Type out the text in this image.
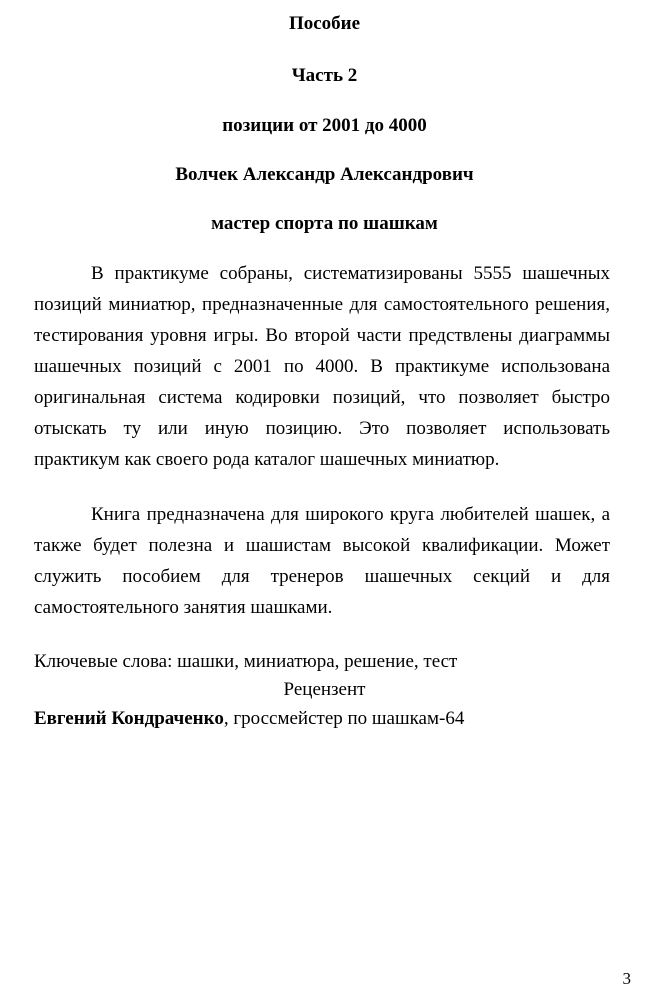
Пособие
Часть 2
позиции от 2001 до 4000
Волчек Александр Александрович
мастер спорта по шашкам

В практикуме собраны, систематизированы 5555 шашечных позиций миниатюр, предназначенные для самостоятельного решения, тестирования уровня игры. Во второй части предствлены диаграммы шашечных позиций с 2001 по 4000. В практикуме использована оригинальная система кодировки позиций, что позволяет быстро отыскать ту или иную позицию. Это позволяет использовать практикум как своего рода каталог шашечных миниатюр.

Книга предназначена для широкого круга любителей шашек, а также будет полезна и шашистам высокой квалификации. Может служить пособием для тренеров шашечных секций и для самостоятельного занятия шашками.

Ключевые слова: шашки, миниатюра, решение, тест

Рецензент

Евгений Кондраченко, гроссмейстер по шашкам-64

3
